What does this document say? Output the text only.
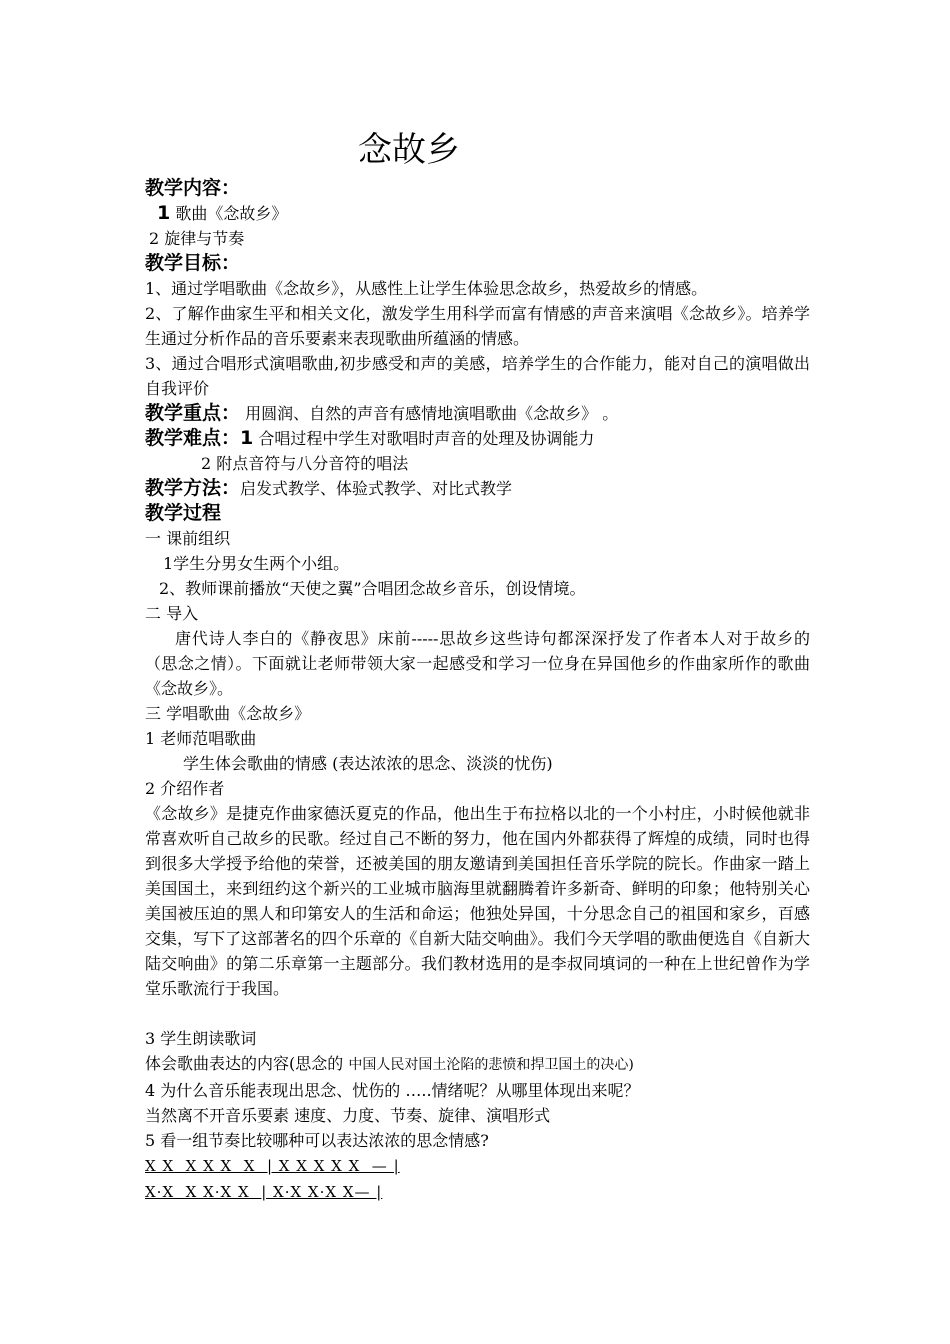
念故乡
教学内容：
1 歌曲《念故乡》
2 旋律与节奏
教学目标：
1、通过学唱歌曲《念故乡》，从感性上让学生体验思念故乡，热爱故乡的情感。
2、了解作曲家生平和相关文化，激发学生用科学而富有情感的声音来演唱《念故乡》。培养学生通过分析作品的音乐要素来表现歌曲所蕴涵的情感。
3、通过合唱形式演唱歌曲,初步感受和声的美感，培养学生的合作能力，能对自己的演唱做出自我评价
教学重点： 用圆润、自然的声音有感情地演唱歌曲《念故乡》 。
教学难点：1 合唱过程中学生对歌唱时声音的处理及协调能力
2 附点音符与八分音符的唱法
教学方法：启发式教学、体验式教学、对比式教学
教学过程
一 课前组织
1学生分男女生两个小组。
2、教师课前播放“天使之翼”合唱团念故乡音乐，创设情境。
二 导入
唐代诗人李白的《静夜思》床前-----思故乡这些诗句都深深抒发了作者本人对于故乡的（思念之情）。下面就让老师带领大家一起感受和学习一位身在异国他乡的作曲家所作的歌曲《念故乡》。
三 学唱歌曲《念故乡》
1 老师范唱歌曲
学生体会歌曲的情感 (表达浓浓的思念、淡淡的忧伤)
2 介绍作者
《念故乡》是捷克作曲家德沃夏克的作品，他出生于布拉格以北的一个小村庄，小时候他就非常喜欢听自己故乡的民歌。经过自己不断的努力，他在国内外都获得了辉煌的成绩，同时也得到很多大学授予给他的荣誉，还被美国的朋友邀请到美国担任音乐学院的院长。作曲家一踏上美国国土，来到纽约这个新兴的工业城市脑海里就翻腾着许多新奇、鲜明的印象；他特别关心美国被压迫的黑人和印第安人的生活和命运；他独处异国，十分思念自己的祖国和家乡，百感交集，写下了这部著名的四个乐章的《自新大陆交响曲》。我们今天学唱的歌曲便选自《自新大陆交响曲》的第二乐章第一主题部分。我们教材选用的是李叔同填词的一种在上世纪曾作为学堂乐歌流行于我国。
3 学生朗读歌词
体会歌曲表达的内容(思念的 中国人民对国土沦陷的悲愤和捍卫国土的决心)
4 为什么音乐能表现出思念、忧伤的 …..情绪呢？从哪里体现出来呢？
当然离不开音乐要素 速度、力度、节奏、旋律、演唱形式
5 看一组节奏比较哪种可以表达浓浓的思念情感?
X X  X X X  X  | X X X X X  — |
X·X  X X·X X  | X·X X·X X— |
